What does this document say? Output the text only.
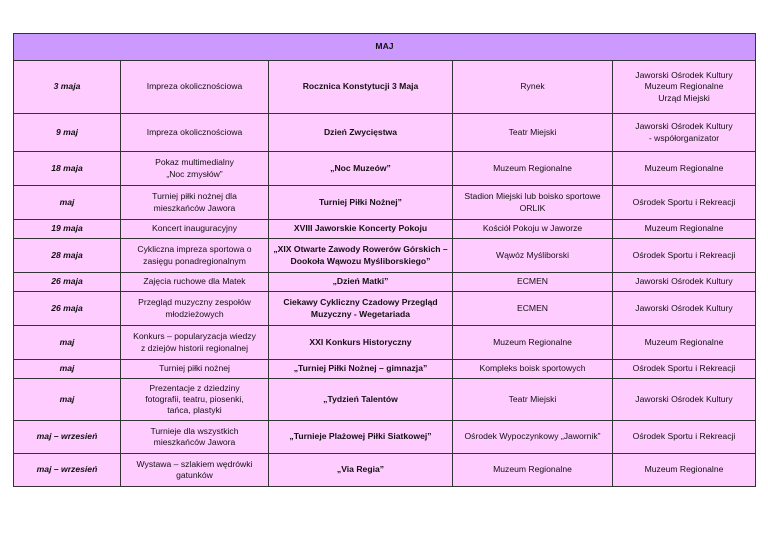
MAJ				

3 maja	Impreza okolicznościowa	Rocznica Konstytucji 3 Maja	Rynek	Jaworski Ośrodek Kultury
Muzeum Regionalne
Urząd Miejski

9 maj	Impreza okolicznościowa	Dzień Zwycięstwa	Teatr Miejski	Jaworski Ośrodek Kultury
- współorganizator

18 maja	Pokaz multimedialny
„Noc zmysłów”	„Noc Muzeów”	Muzeum Regionalne	Muzeum Regionalne

maj	Turniej piłki nożnej dla
mieszkańców Jawora	Turniej Piłki Nożnej”	Stadion Miejski lub boisko sportowe
ORLIK	Ośrodek Sportu i Rekreacji

19 maja	Koncert inauguracyjny	XVIII Jaworskie Koncerty Pokoju	Kościół Pokoju w Jaworze	Muzeum Regionalne

28 maja	Cykliczna impreza sportowa o
zasięgu ponadregionalnym	„XIX Otwarte Zawody Rowerów Górskich –
Dookoła Wąwozu Myśliborskiego”	Wąwóz Myśliborski	Ośrodek Sportu i Rekreacji

26 maja	Zajęcia ruchowe dla Matek	„Dzień Matki”	ECMEN	Jaworski Ośrodek Kultury

26 maja	Przegląd muzyczny zespołów
młodzieżowych	Ciekawy Cykliczny Czadowy Przegląd
Muzyczny - Wegetariada	ECMEN	Jaworski Ośrodek Kultury

maj	Konkurs – popularyzacja wiedzy
z dziejów historii regionalnej	XXI Konkurs Historyczny	Muzeum Regionalne	Muzeum Regionalne

maj	Turniej piłki nożnej	„Turniej Piłki Nożnej – gimnazja”	Kompleks boisk sportowych	Ośrodek Sportu i Rekreacji

maj	Prezentacje z dziedziny
fotografii, teatru, piosenki,
tańca, plastyki	„Tydzień Talentów	Teatr Miejski	Jaworski Ośrodek Kultury

maj – wrzesień	Turnieje dla wszystkich
mieszkańców Jawora	„Turnieje Plażowej Piłki Siatkowej”	Ośrodek Wypoczynkowy „Jawornik”	Ośrodek Sportu i Rekreacji

maj – wrzesień	Wystawa – szlakiem wędrówki
gatunków	„Via Regia”	Muzeum Regionalne	Muzeum Regionalne
